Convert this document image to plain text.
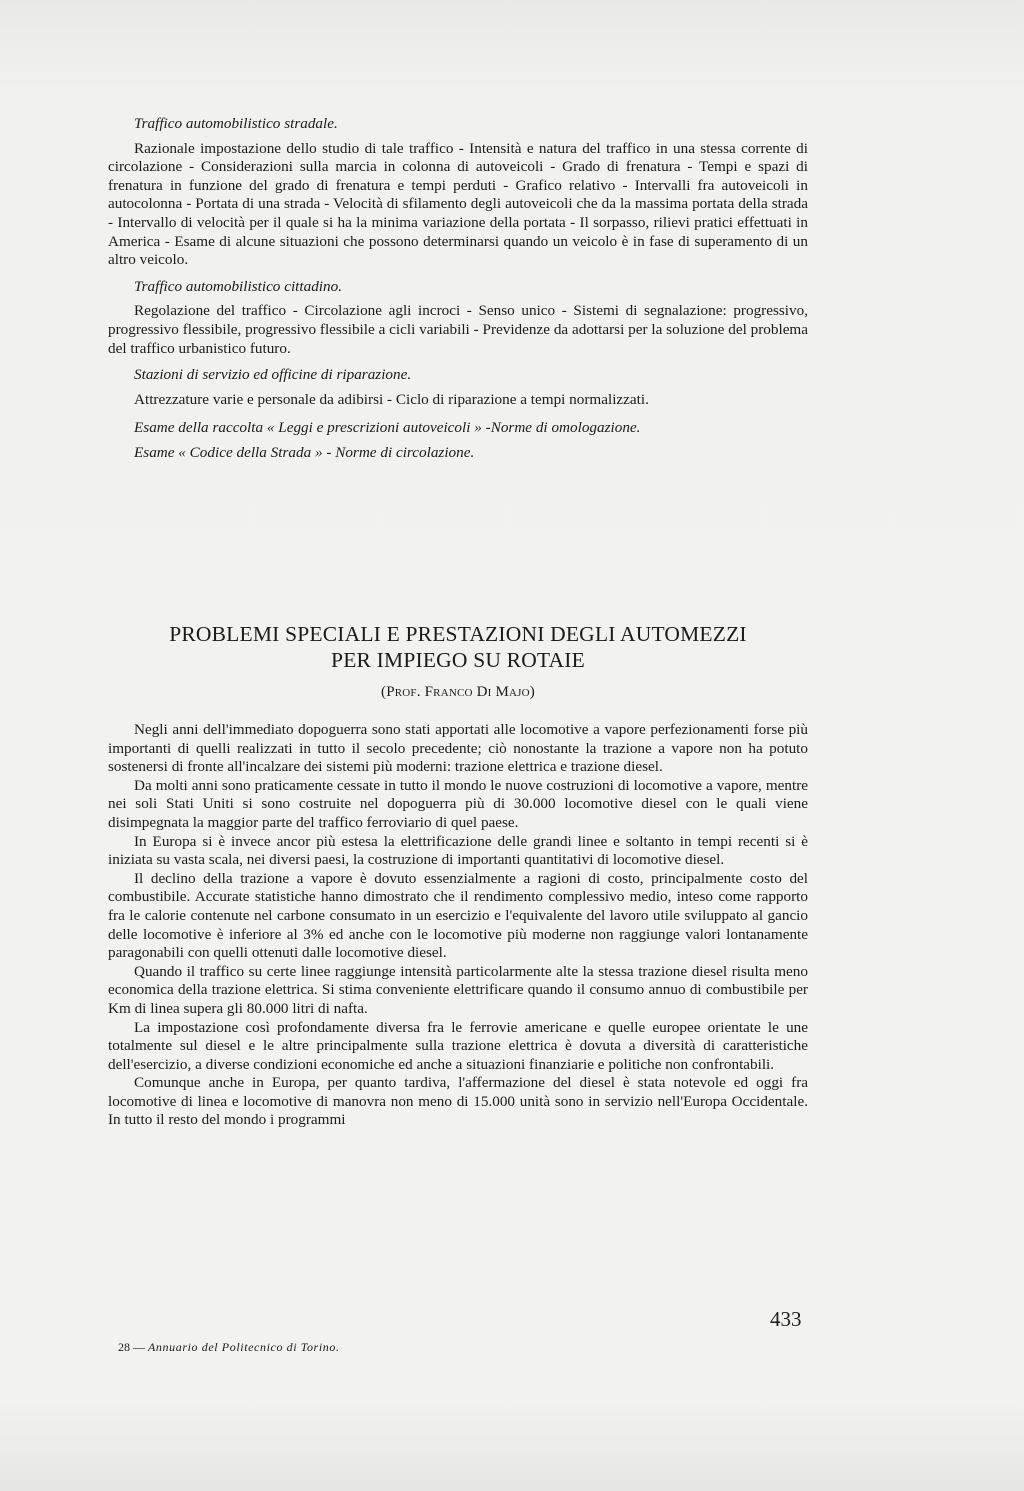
Traffico automobilistico stradale.

Razionale impostazione dello studio di tale traffico - Intensità e natura del traffico in una stessa corrente di circolazione - Considerazioni sulla marcia in colonna di autoveicoli - Grado di frenatura - Tempi e spazi di frenatura in funzione del grado di frenatura e tempi perduti - Grafico relativo - Intervalli fra autoveicoli in autocolonna - Portata di una strada - Velocità di sfilamento degli autoveicoli che da la massima portata della strada - Intervallo di velocità per il quale si ha la minima variazione della portata - Il sorpasso, rilievi pratici effettuati in America - Esame di alcune situazioni che possono determinarsi quando un veicolo è in fase di superamento di un altro veicolo.

Traffico automobilistico cittadino.

Regolazione del traffico - Circolazione agli incroci - Senso unico - Sistemi di segnalazione: progressivo, progressivo flessibile, progressivo flessibile a cicli variabili - Previdenze da adottarsi per la soluzione del problema del traffico urbanistico futuro.

Stazioni di servizio ed officine di riparazione.

Attrezzature varie e personale da adibirsi - Ciclo di riparazione a tempi normalizzati.

Esame della raccolta « Leggi e prescrizioni autoveicoli » -Norme di omologazione.

Esame « Codice della Strada » - Norme di circolazione.

PROBLEMI SPECIALI E PRESTAZIONI DEGLI AUTOMEZZI
PER IMPIEGO SU ROTAIE
(Prof. Franco Di Majo)

Negli anni dell'immediato dopoguerra sono stati apportati alle locomotive a vapore perfezionamenti forse più importanti di quelli realizzati in tutto il secolo precedente; ciò nonostante la trazione a vapore non ha potuto sostenersi di fronte all'incalzare dei sistemi più moderni: trazione elettrica e trazione diesel.

Da molti anni sono praticamente cessate in tutto il mondo le nuove costruzioni di locomotive a vapore, mentre nei soli Stati Uniti si sono costruite nel dopoguerra più di 30.000 locomotive diesel con le quali viene disimpegnata la maggior parte del traffico ferroviario di quel paese.

In Europa si è invece ancor più estesa la elettrificazione delle grandi linee e soltanto in tempi recenti si è iniziata su vasta scala, nei diversi paesi, la costruzione di importanti quantitativi di locomotive diesel.

Il declino della trazione a vapore è dovuto essenzialmente a ragioni di costo, principalmente costo del combustibile. Accurate statistiche hanno dimostrato che il rendimento complessivo medio, inteso come rapporto fra le calorie contenute nel carbone consumato in un esercizio e l'equivalente del lavoro utile sviluppato al gancio delle locomotive è inferiore al 3% ed anche con le locomotive più moderne non raggiunge valori lontanamente paragonabili con quelli ottenuti dalle locomotive diesel.

Quando il traffico su certe linee raggiunge intensità particolarmente alte la stessa trazione diesel risulta meno economica della trazione elettrica. Si stima conveniente elettrificare quando il consumo annuo di combustibile per Km di linea supera gli 80.000 litri di nafta.

La impostazione così profondamente diversa fra le ferrovie americane e quelle europee orientate le une totalmente sul diesel e le altre principalmente sulla trazione elettrica è dovuta a diversità di caratteristiche dell'esercizio, a diverse condizioni economiche ed anche a situazioni finanziarie e politiche non confrontabili.

Comunque anche in Europa, per quanto tardiva, l'affermazione del diesel è stata notevole ed oggi fra locomotive di linea e locomotive di manovra non meno di 15.000 unità sono in servizio nell'Europa Occidentale. In tutto il resto del mondo i programmi

433
28 — Annuario del Politecnico di Torino.
